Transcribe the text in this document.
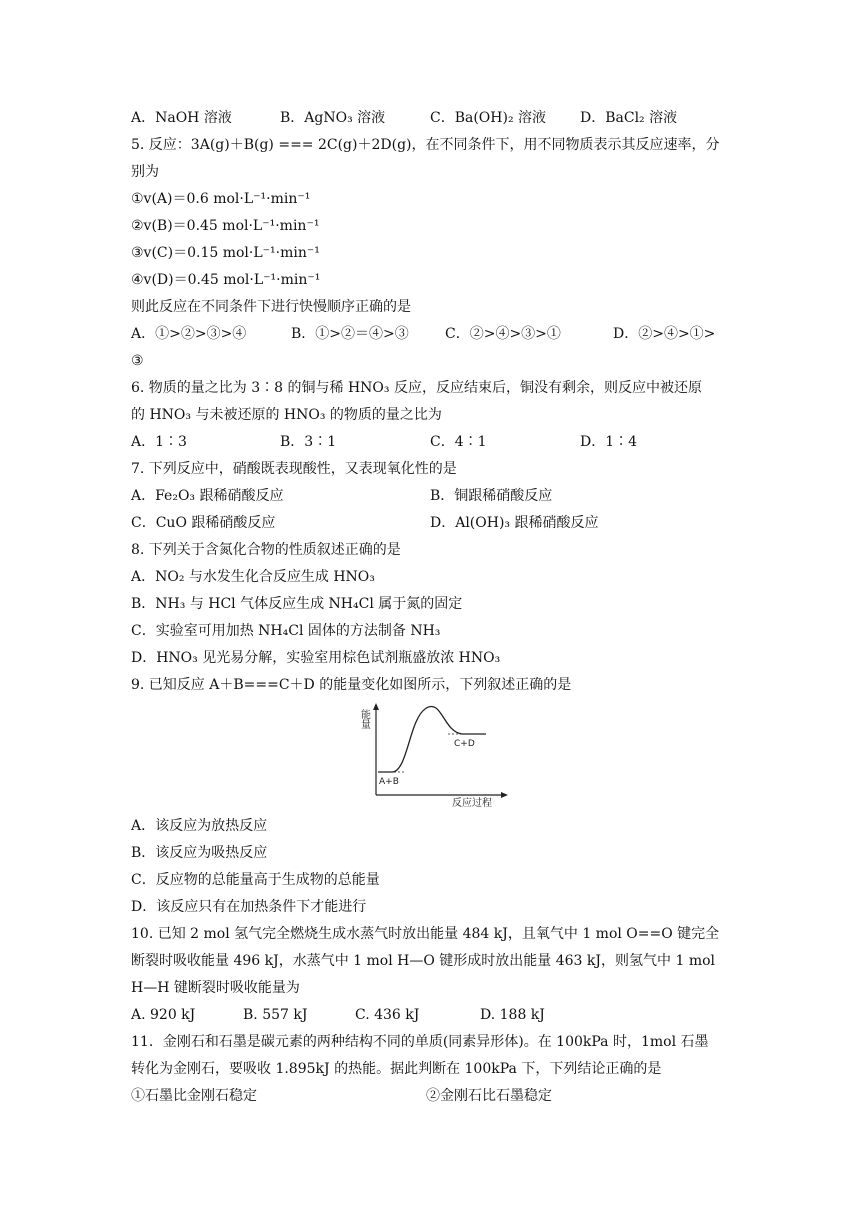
A．NaOH 溶液	B．AgNO₃ 溶液	C．Ba(OH)₂ 溶液 D．BaCl₂ 溶液
5. 反应：3A(g)＋B(g) === 2C(g)＋2D(g)，在不同条件下，用不同物质表示其反应速率，分
别为
①v(A)＝0.6 mol·L⁻¹·min⁻¹
②v(B)＝0.45 mol·L⁻¹·min⁻¹
③v(C)＝0.15 mol·L⁻¹·min⁻¹
④v(D)＝0.45 mol·L⁻¹·min⁻¹
则此反应在不同条件下进行快慢顺序正确的是
A．①>②>③>④	B．①>②＝④>③	C．②>④>③>①	D．②>④>①>
③
6. 物质的量之比为 3∶8 的铜与稀 HNO₃ 反应，反应结束后，铜没有剩余，则反应中被还原
的 HNO₃ 与未被还原的 HNO₃ 的物质的量之比为
A．1∶3	B．3∶1	C．4∶1	D．1∶4
7. 下列反应中，硝酸既表现酸性，又表现氧化性的是
A．Fe₂O₃ 跟稀硝酸反应	B．铜跟稀硝酸反应
C．CuO 跟稀硝酸反应	D．Al(OH)₃ 跟稀硝酸反应
8. 下列关于含氮化合物的性质叙述正确的是
A．NO₂ 与水发生化合反应生成 HNO₃
B．NH₃ 与 HCl 气体反应生成 NH₄Cl 属于氮的固定
C．实验室可用加热 NH₄Cl 固体的方法制备 NH₃
D．HNO₃ 见光易分解，实验室用棕色试剂瓶盛放浓 HNO₃
9. 已知反应 A＋B===C＋D 的能量变化如图所示，下列叙述正确的是
能量
A+B
C+D
反应过程
A．该反应为放热反应
B．该反应为吸热反应
C．反应物的总能量高于生成物的总能量
D．该反应只有在加热条件下才能进行
10. 已知 2 mol 氢气完全燃烧生成水蒸气时放出能量 484 kJ，且氧气中 1 mol O==O 键完全
断裂时吸收能量 496 kJ，水蒸气中 1 mol H—O 键形成时放出能量 463 kJ，则氢气中 1 mol
H—H 键断裂时吸收能量为
A. 920 kJ	B. 557 kJ	C. 436 kJ	D. 188 kJ
11．金刚石和石墨是碳元素的两种结构不同的单质(同素异形体)。在 100kPa 时，1mol 石墨
转化为金刚石，要吸收 1.895kJ 的热能。据此判断在 100kPa 下，下列结论正确的是
①石墨比金刚石稳定	②金刚石比石墨稳定
